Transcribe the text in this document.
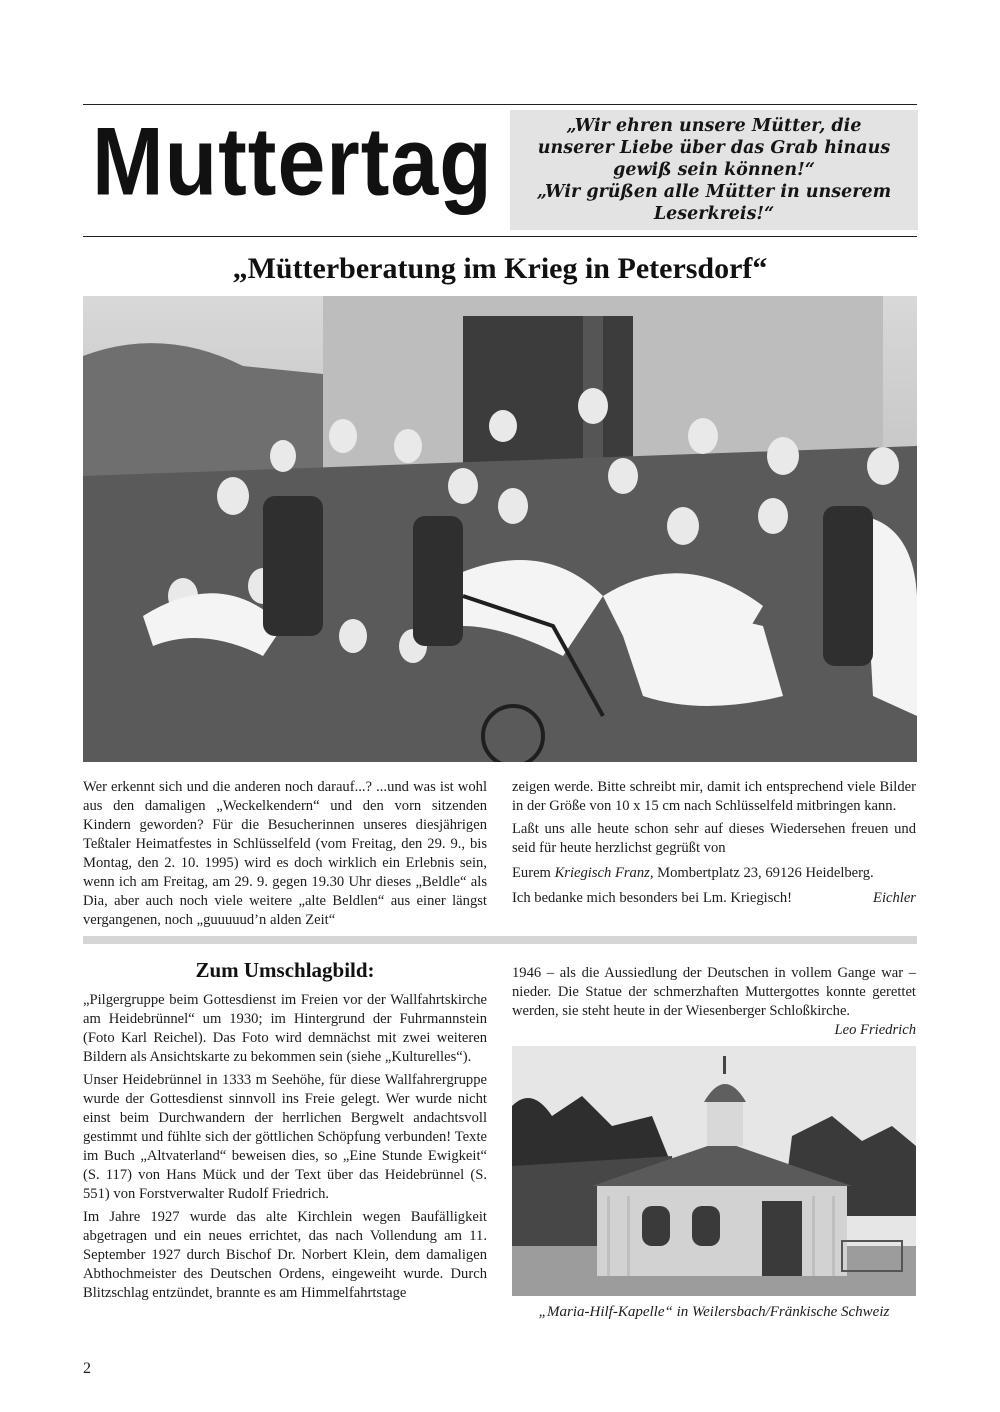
Muttertag	„Wir ehren unsere Mütter, die
unserer Liebe über das Grab hinaus
gewiß sein können!“
„Wir grüßen alle Mütter in unserem
Leserkreis!“
„Mütterberatung im Krieg in Petersdorf“

Wer erkennt sich und die anderen noch darauf...? ...und was ist wohl aus den damaligen „Weckelkendern“ und den vorn sitzenden Kindern geworden? Für die Besucherinnen unseres diesjährigen Teßtaler Heimatfestes in Schlüsselfeld (vom Freitag, den 29. 9., bis Montag, den 2. 10. 1995) wird es doch wirklich ein Erlebnis sein, wenn ich am Freitag, am 29. 9. gegen 19.30 Uhr dieses „Beldle“ als Dia, aber auch noch viele weitere „alte Beldlen“ aus einer längst vergangenen, noch „guuuuud’n alden Zeit“

zeigen werde. Bitte schreibt mir, damit ich entsprechend viele Bilder in der Größe von 10 x 15 cm nach Schlüsselfeld mitbringen kann.

Laßt uns alle heute schon sehr auf dieses Wiedersehen freuen und seid für heute herzlichst gegrüßt von

Eurem Kriegisch Franz, Mombertplatz 23, 69126 Heidelberg.

Ich bedanke mich besonders bei Lm. Kriegisch!	Eichler

Zum Umschlagbild:

„Pilgergruppe beim Gottesdienst im Freien vor der Wallfahrtskirche am Heidebrünnel“ um 1930; im Hintergrund der Fuhrmannstein (Foto Karl Reichel). Das Foto wird demnächst mit zwei weiteren Bildern als Ansichtskarte zu bekommen sein (siehe „Kulturelles“).

Unser Heidebrünnel in 1333 m Seehöhe, für diese Wallfahrergruppe wurde der Gottesdienst sinnvoll ins Freie gelegt. Wer wurde nicht einst beim Durchwandern der herrlichen Bergwelt andachtsvoll gestimmt und fühlte sich der göttlichen Schöpfung verbunden! Texte im Buch „Altvaterland“ beweisen dies, so „Eine Stunde Ewigkeit“ (S. 117) von Hans Mück und der Text über das Heidebrünnel (S. 551) von Forstverwalter Rudolf Friedrich.

Im Jahre 1927 wurde das alte Kirchlein wegen Baufälligkeit abgetragen und ein neues errichtet, das nach Vollendung am 11. September 1927 durch Bischof Dr. Norbert Klein, dem damaligen Abthochmeister des Deutschen Ordens, eingeweiht wurde. Durch Blitzschlag entzündet, brannte es am Himmelfahrtstage

1946 – als die Aussiedlung der Deutschen in vollem Gange war – nieder. Die Statue der schmerzhaften Muttergottes konnte gerettet werden, sie steht heute in der Wiesenberger Schloßkirche.

Leo Friedrich

„Maria-Hilf-Kapelle“ in Weilersbach/Fränkische Schweiz
2
